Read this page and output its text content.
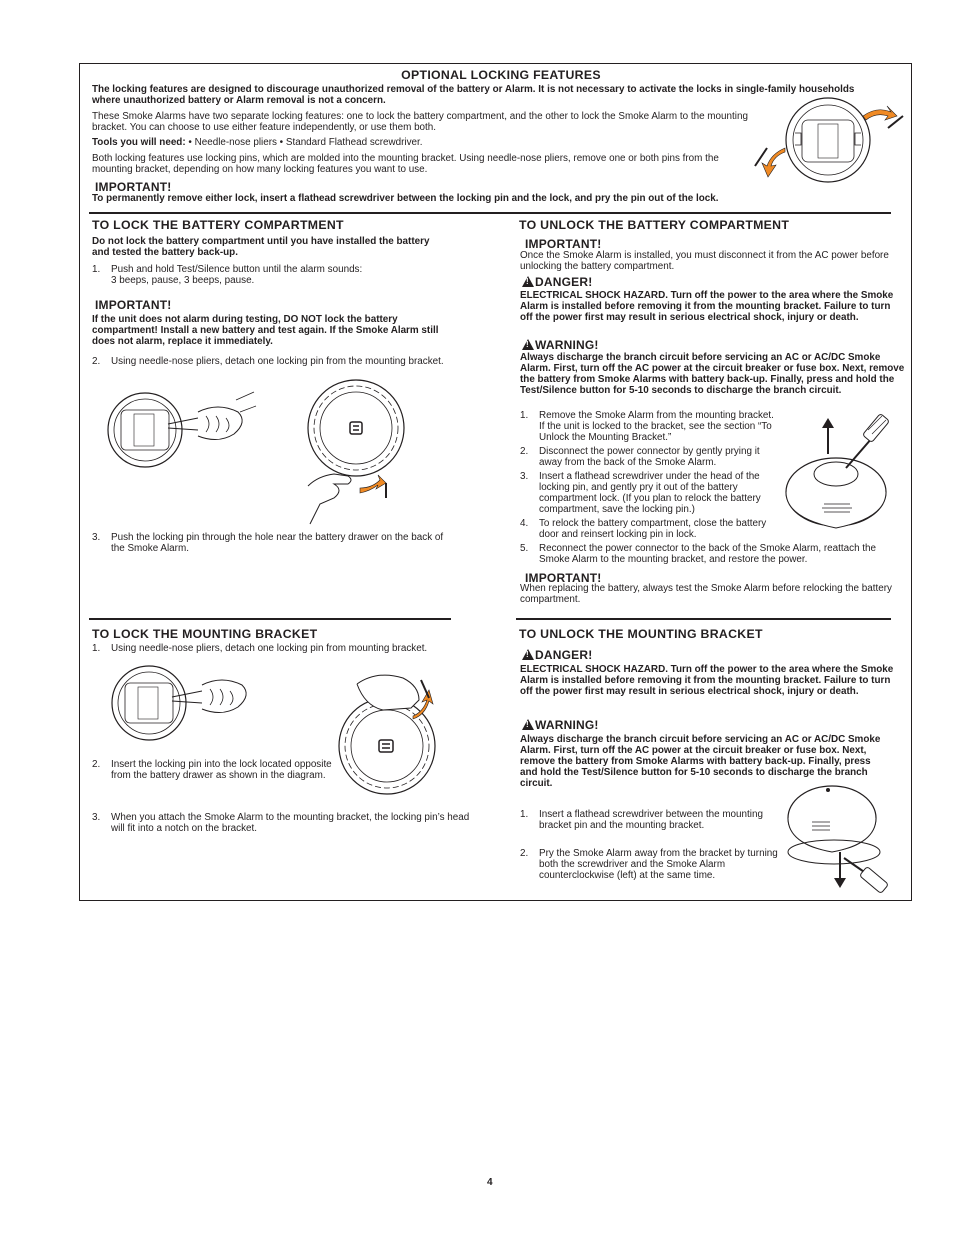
OPTIONAL LOCKING FEATURES
The locking features are designed to discourage unauthorized removal of the battery or Alarm. It is not necessary to activate the locks in single-family households where unauthorized battery or Alarm removal is not a concern.
These Smoke Alarms have two separate locking features: one to lock the battery compartment, and the other to lock the Smoke Alarm to the mounting bracket. You can choose to use either feature independently, or use them both.
Tools you will need: • Needle-nose pliers • Standard Flathead screwdriver.
Both locking features use locking pins, which are molded into the mounting bracket. Using needle-nose pliers, remove one or both pins from the mounting bracket, depending on how many locking features you want to use.
IMPORTANT!
To permanently remove either lock, insert a flathead screwdriver between the locking pin and the lock, and pry the pin out of the lock.
TO LOCK THE BATTERY COMPARTMENT
Do not lock the battery compartment until you have installed the battery and tested the battery back-up.
1. Push and hold Test/Silence button until the alarm sounds:
3 beeps, pause, 3 beeps, pause.
IMPORTANT!
If the unit does not alarm during testing, DO NOT lock the battery compartment! Install a new battery and test again. If the Smoke Alarm still does not alarm, replace it immediately.
2. Using needle-nose pliers, detach one locking pin from the mounting bracket.
3. Push the locking pin through the hole near the battery drawer on the back of the Smoke Alarm.
TO UNLOCK THE BATTERY COMPARTMENT
IMPORTANT!
Once the Smoke Alarm is installed, you must disconnect it from the AC power before unlocking the battery compartment.
!DANGER!
ELECTRICAL SHOCK HAZARD. Turn off the power to the area where the Smoke Alarm is installed before removing it from the mounting bracket. Failure to turn off the power first may result in serious electrical shock, injury or death.
!WARNING!
Always discharge the branch circuit before servicing an AC or AC/DC Smoke Alarm. First, turn off the AC power at the circuit breaker or fuse box. Next, remove the battery from Smoke Alarms with battery back-up. Finally, press and hold the Test/Silence button for 5-10 seconds to discharge the branch circuit.
1. Remove the Smoke Alarm from the mounting bracket. If the unit is locked to the bracket, see the section “To Unlock the Mounting Bracket.”
2. Disconnect the power connector by gently prying it away from the back of the Smoke Alarm.
3. Insert a flathead screwdriver under the head of the locking pin, and gently pry it out of the battery compartment lock. (If you plan to relock the battery compartment, save the locking pin.)
4. To relock the battery compartment, close the battery door and reinsert locking pin in lock.
5. Reconnect the power connector to the back of the Smoke Alarm, reattach the Smoke Alarm to the mounting bracket, and restore the power.
IMPORTANT!
When replacing the battery, always test the Smoke Alarm before relocking the battery compartment.
TO LOCK THE MOUNTING BRACKET
1. Using needle-nose pliers, detach one locking pin from mounting bracket.
2. Insert the locking pin into the lock located opposite from the battery drawer as shown in the diagram.
3. When you attach the Smoke Alarm to the mounting bracket, the locking pin’s head will fit into a notch on the bracket.
TO UNLOCK THE MOUNTING BRACKET
!DANGER!
ELECTRICAL SHOCK HAZARD. Turn off the power to the area where the Smoke Alarm is installed before removing it from the mounting bracket. Failure to turn off the power first may result in serious electrical shock, injury or death.
!WARNING!
Always discharge the branch circuit before servicing an AC or AC/DC Smoke Alarm. First, turn off the AC power at the circuit breaker or fuse box. Next, remove the battery from Smoke Alarms with battery back-up. Finally, press and hold the Test/Silence button for 5-10 seconds to discharge the branch circuit.
1. Insert a flathead screwdriver between the mounting bracket pin and the mounting bracket.
2. Pry the Smoke Alarm away from the bracket by turning both the screwdriver and the Smoke Alarm counterclockwise (left) at the same time.
4
